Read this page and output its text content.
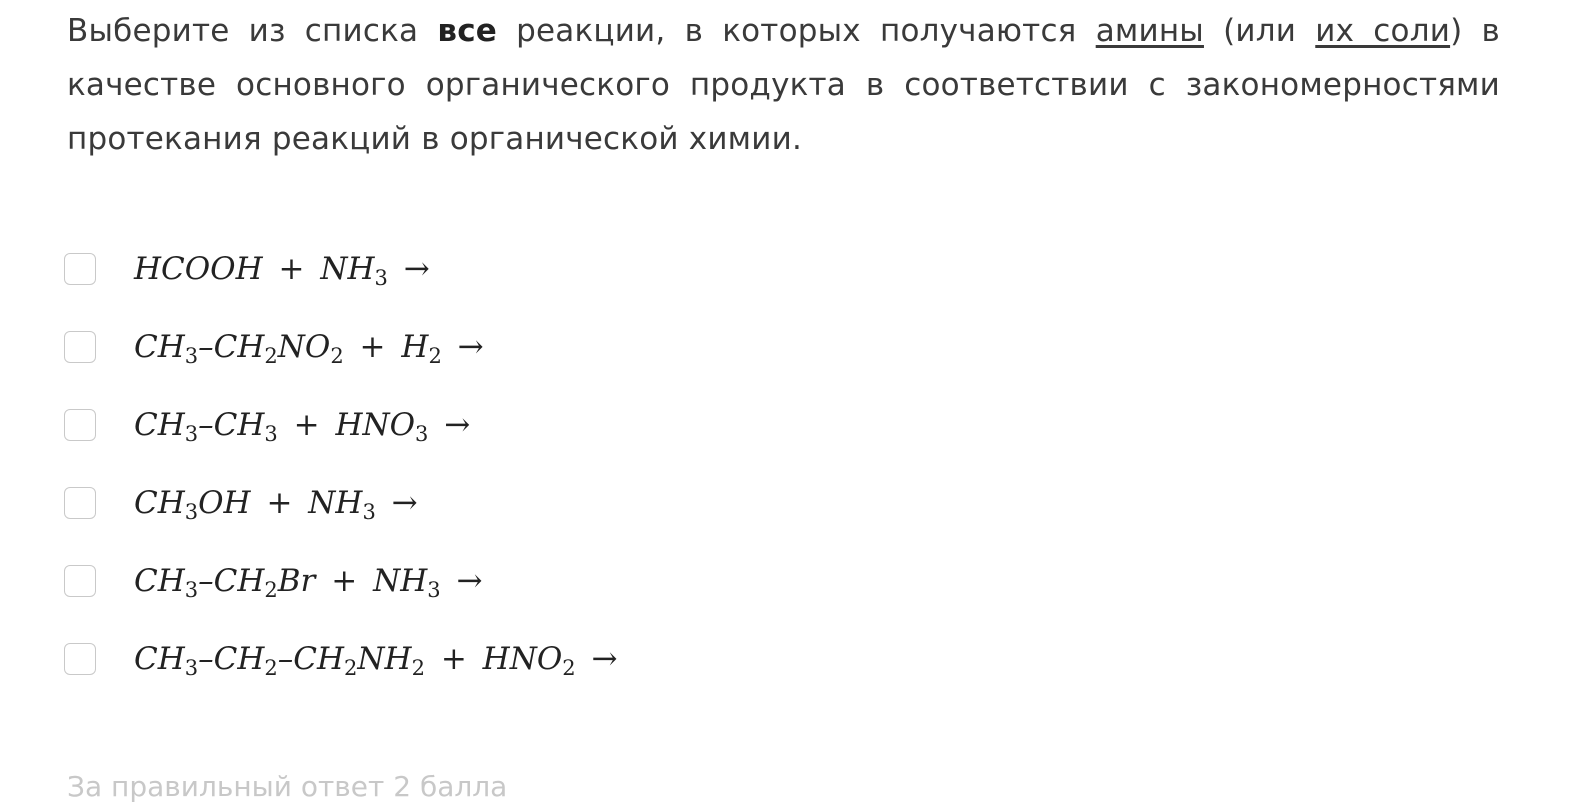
Выберите из списка все реакции, в которых получаются амины (или их соли) в качестве основного органического продукта в соответствии с закономерностями протекания реакций в органической химии.
HCOOH + $NH_3$ →
$CH_3-CH_2NO_2 + H_2$ →
$CH_3-CH_3 + HNO_3$ →
$CH_3OH + NH_3$ →
$CH_3-CH_2Br + NH_3$ →
$CH_3-CH_2-CH_2NH_2 + HNO_2$ →
За правильный ответ 2 балла
